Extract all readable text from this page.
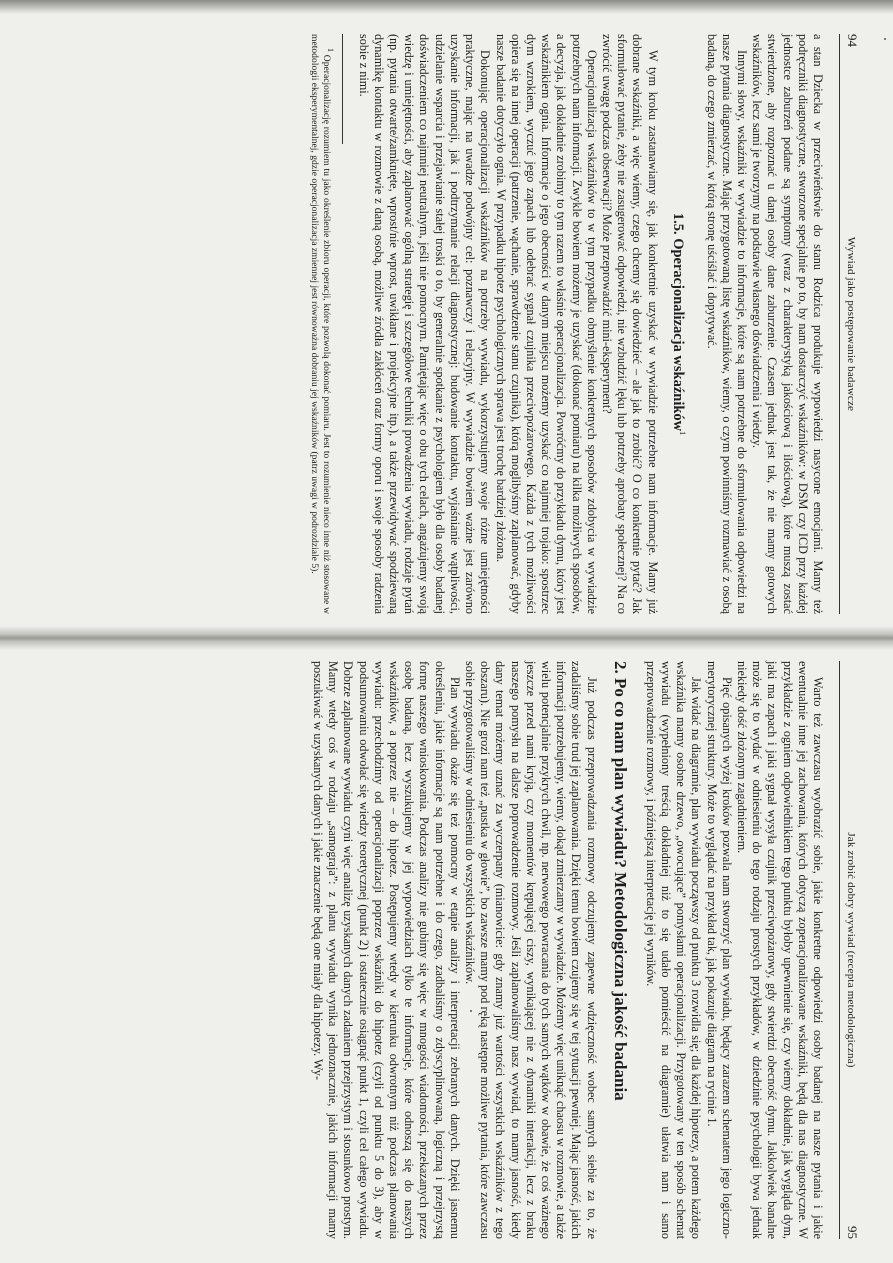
94
Wywiad jako postępowanie badawcze

a stan Dziecka w przeciwieństwie do stanu Rodzica produkuje wypowiedzi nasycone emocjami. Mamy też podręczniki diagnostyczne, stworzone specjalnie po to, by nam dostarczyć wskaźników: w DSM czy ICD przy każdej jednostce zaburzeń podane są symptomy (wraz z charakterystyką jakościową i ilościową), które muszą zostać stwierdzone, aby rozpoznać u danej osoby dane zaburzenie. Czasem jednak jest tak, że nie mamy gotowych wskaźników, lecz sami je tworzymy na podstawie własnego doświadczenia i wiedzy.

Innymi słowy, wskaźniki w wywiadzie to informacje, które są nam potrzebne do sformułowania odpowiedzi na nasze pytania diagnostyczne. Mając przygotowaną listę wskaźników, wiemy, o czym powinniśmy rozmawiać z osobą badaną, do czego zmierzać, w którą stronę uściślać i dopytywać.

1.5. Operacjonalizacja wskaźników$^1$

W tym kroku zastanawiamy się, jak konkretnie uzyskać w wywiadzie potrzebne nam informacje. Mamy już dobrane wskaźniki, a więc wiemy, czego chcemy się dowiedzieć – ale jak to zrobić? O co konkretnie pytać? Jak sformułować pytanie, żeby nie zasugerować odpowiedzi, nie wzbudzić lęku lub potrzeby aprobaty społecznej? Na co zwrócić uwagę podczas obserwacji? Może przeprowadzić mini-eksperyment?

Operacjonalizacja wskaźników to w tym przypadku obmyślenie konkretnych sposobów zdobycia w wywiadzie potrzebnych nam informacji. Zwykle bowiem możemy je uzyskać (dokonać pomiaru) na kilka możliwych sposobów, a decyzja, jak dokładnie zrobimy to tym razem to właśnie operacjonalizacja. Powróćmy do przykładu dymu, który jest wskaźnikiem ognia. Informacje o jego obecności w danym miejscu możemy uzyskać co najmniej trojako: spostrzec dym wzrokiem, wyczuć jego zapach lub odebrać sygnał czujnika przeciwpożarowego. Każda z tych możliwości opiera się na innej operacji (patrzenie, wąchanie, sprawdzenie stanu czujnika), którą moglibyśmy zaplanować, gdyby nasze badanie dotyczyło ognia. W przypadku hipotez psychologicznych sprawa jest trochę bardziej złożona.

Dokonując operacjonalizacji wskaźników na potrzeby wywiadu, wykorzystujemy swoje różne umiejętności praktyczne, mając na uwadze podwójny cel: poznawczy i relacyjny. W wywiadzie bowiem ważne jest zarówno uzyskanie informacji, jak i podtrzymanie relacji diagnostycznej: budowanie kontaktu, wyjaśnianie wątpliwości, udzielanie wsparcia i przejawianie stałej troski o to, by generalnie spotkanie z psychologiem było dla osoby badanej doświadczeniem co najmniej neutralnym, jeśli nie pomocnym. Pamiętając więc o obu tych celach, angażujemy swoją wiedzę i umiejętności, aby zaplanować ogólną strategię i szczegółowe techniki prowadzenia wywiadu, rodzaje pytań (np. pytania otwarte/zamknięte, wprost/nie wprost, uwikłane i projekcyjne itp.), a także przewidywać spodziewaną dynamikę kontaktu w rozmowie z daną osobą, możliwe źródła zakłóceń oraz formy oporu i swoje sposoby radzenia sobie z nimi.

$^1$ Operacjonalizację rozumiem tu jako określenie zbioru operacji, które pozwolą dokonać pomiaru. Jest to rozumienie nieco inne niż stosowane w metodologii eksperymentalnej, gdzie operacjonalizacja zmiennej jest równoważna dobraniu jej wskaźników (patrz uwagi w podrozdziale 5).

Jak zrobić dobry wywiad (recepta metodologiczna)
95

Warto też zawczasu wyobrazić sobie, jakie konkretne odpowiedzi osoby badanej na nasze pytania i jakie ewentualnie inne jej zachowania, których dotyczą zoperacjonalizowane wskaźniki, będą dla nas diagnostyczne. W przykładzie z ogniem odpowiednikiem tego punktu byłoby upewnienie się, czy wiemy dokładnie, jak wygląda dym, jaki ma zapach i jaki sygnał wysyła czujnik przeciwpożarowy, gdy stwierdzi obecność dymu. Jakkolwiek banalne może się to wydać w odniesieniu do tego rodzaju prostych przykładów, w dziedzinie psychologii bywa jednak niekiedy dość złożonym zagadnieniem.

Pięć opisanych wyżej kroków pozwala nam stworzyć plan wywiadu, będący zarazem schematem jego logiczno-merytorycznej struktury. Może to wyglądać na przykład tak, jak pokazuje diagram na rycinie 1.

Jak widać na diagramie, plan wywiadu począwszy od punktu 3 rozwidla się; dla każdej hipotezy, a potem każdego wskaźnika mamy osobne drzewo, „owocujące” pomysłami operacjonalizacji. Przygotowany w ten sposób schemat wywiadu (wypełniony treścią dokładniej niż to się udało pomieścić na diagramie) ułatwia nam i samo przeprowadzenie rozmowy, i późniejszą interpretację jej wyników.

2. Po co nam plan wywiadu? Metodologiczna jakość badania

Już podczas przeprowadzania rozmowy odczujemy zapewne wdzięczność wobec samych siebie za to, że zadaliśmy sobie trud jej zaplanowania. Dzięki temu bowiem czujemy się w tej sytuacji pewniej. Mając jasność, jakich informacji potrzebujemy, wiemy, dokąd zmierzamy w wywiadzie. Możemy więc uniknąć chaosu w rozmowie, a także wielu potencjalnie przykrych chwil, np. nerwowego powracania do tych samych wątków w obawie, że coś ważnego jeszcze przed nami kryją, czy momentów krępującej ciszy, wynikającej nie z dynamiki interakcji, lecz z braku naszego pomysłu na dalsze poprowadzenie rozmowy. Jeśli zaplanowaliśmy nasz wywiad, to mamy jasność, kiedy dany temat możemy uznać za wyczerpany (mianowicie: gdy znamy już wartości wszystkich wskaźników z tego obszaru). Nie grozi nam też „pustka w głowie”, bo zawsze mamy pod ręką następne możliwe pytania, które zawczasu sobie przygotowaliśmy w odniesieniu do wszystkich wskaźników.

Plan wywiadu okaże się też pomocny w etapie analizy i interpretacji zebranych danych. Dzięki jasnemu określeniu, jakie informacje są nam potrzebne i do czego, zadbaliśmy o zdyscyplinowaną, logiczną i przejrzystą formę naszego wnioskowania. Podczas analizy nie gubimy się więc w mnogości wiadomości, przekazanych przez osobę badaną, lecz wyszukujemy w jej wypowiedziach tylko te informacje, które odnoszą się do naszych wskaźników, a poprzez nie – do hipotez. Postępujemy wtedy w kierunku odwrotnym niż podczas planowania wywiadu: przechodzimy od operacjonalizacji poprzez wskaźniki do hipotez (czyli od punktu 5 do 3), aby w podsumowaniu odwołać się wiedzy teoretycznej (punkt 2) i ostatecznie osiągnąć punkt 1, czyli cel całego wywiadu. Dobrze zaplanowane wywiadu czyni więc analizę uzyskanych danych zadaniem przejrzystym i stosunkowo prostym. Mamy wtedy coś w rodzaju „samograja”: z planu wywiadu wynika jednoznacznie, jakich informacji mamy poszukiwać w uzyskanych danych i jakie znaczenie będą one miały dla hipotezy. Wy-
